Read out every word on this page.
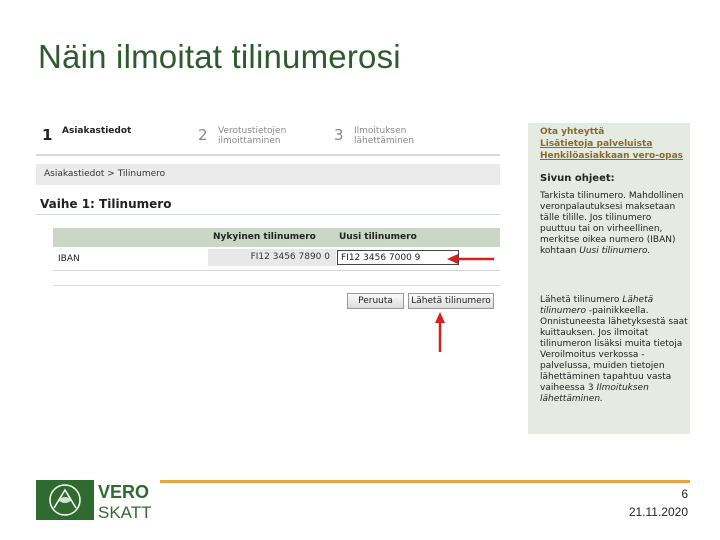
Näin ilmoitat tilinumerosi
1 Asiakastiedot	2 Verotustietojen ilmoittaminen	3 Ilmoituksen lähettäminen
Asiakastiedot > Tilinumero
Vaihe 1: Tilinumero
Nykyinen tilinumero	Uusi tilinumero
IBAN	FI12 3456 7890 0	FI12 3456 7000 9
Peruuta	Lähetä tilinumero
Ota yhteyttä
Lisätietoja palveluista
Henkilöasiakkaan vero-opas
Sivun ohjeet:
Tarkista tilinumero. Mahdollinen veronpalautuksesi maksetaan tälle tilille. Jos tilinumero puuttuu tai on virheellinen, merkitse oikea numero (IBAN) kohtaan Uusi tilinumero.
Lähetä tilinumero Lähetä tilinumero -painikkeella. Onnistuneesta lähetyksestä saat kuittauksen. Jos ilmoitat tilinumeron lisäksi muita tietoja Veroilmoitus verkossa -palvelussa, muiden tietojen lähettäminen tapahtuu vasta vaiheessa 3 Ilmoituksen lähettäminen.
VERO
SKATT
6
21.11.2020
